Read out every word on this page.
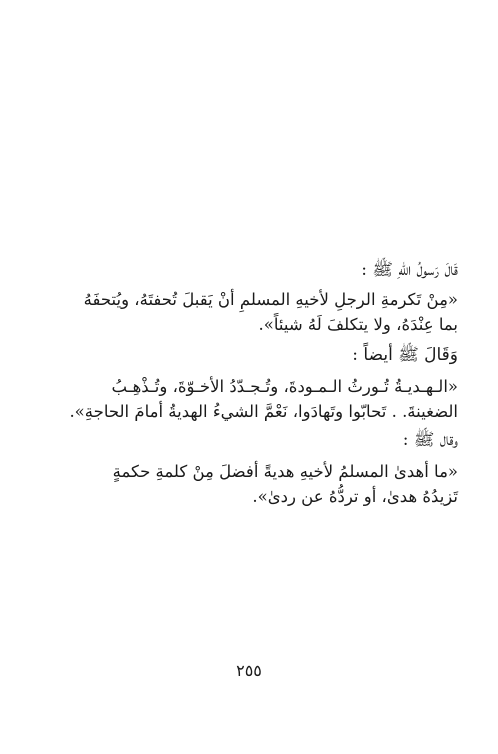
قَالَ رَسولُ اللّهِ ﷺ :
«مِنْ تَكرمةِ الرجلِ لأخيهِ المسلمِ أنْ يَقبلَ تُحفتَهُ، ويُتحفَهُ
بما عِنْدَهُ، ولا يتكلفَ لَهُ شيئاً».
وَقَالَ ﷺ أيضاً :
«الـهـديـةُ تُـورثُ الـمـودةَ، وتُـجـدّدُ الأخـوّةَ، وتُـذْهِـبُ
الضغينةَ. . تَحابّوا وتَهادَوا، نَعْمَّ الشيءُ الهديةُ أمامَ الحاجةِ».
وقال ﷺ :
«ما أهدىٰ المسلمُ لأخيهِ هديةً أفضلَ مِنْ كلمةِ حكمةٍ
تَزيدُهُ هدىٰ، أو تردُّهُ عن ردىٰ».
٢٥٥
